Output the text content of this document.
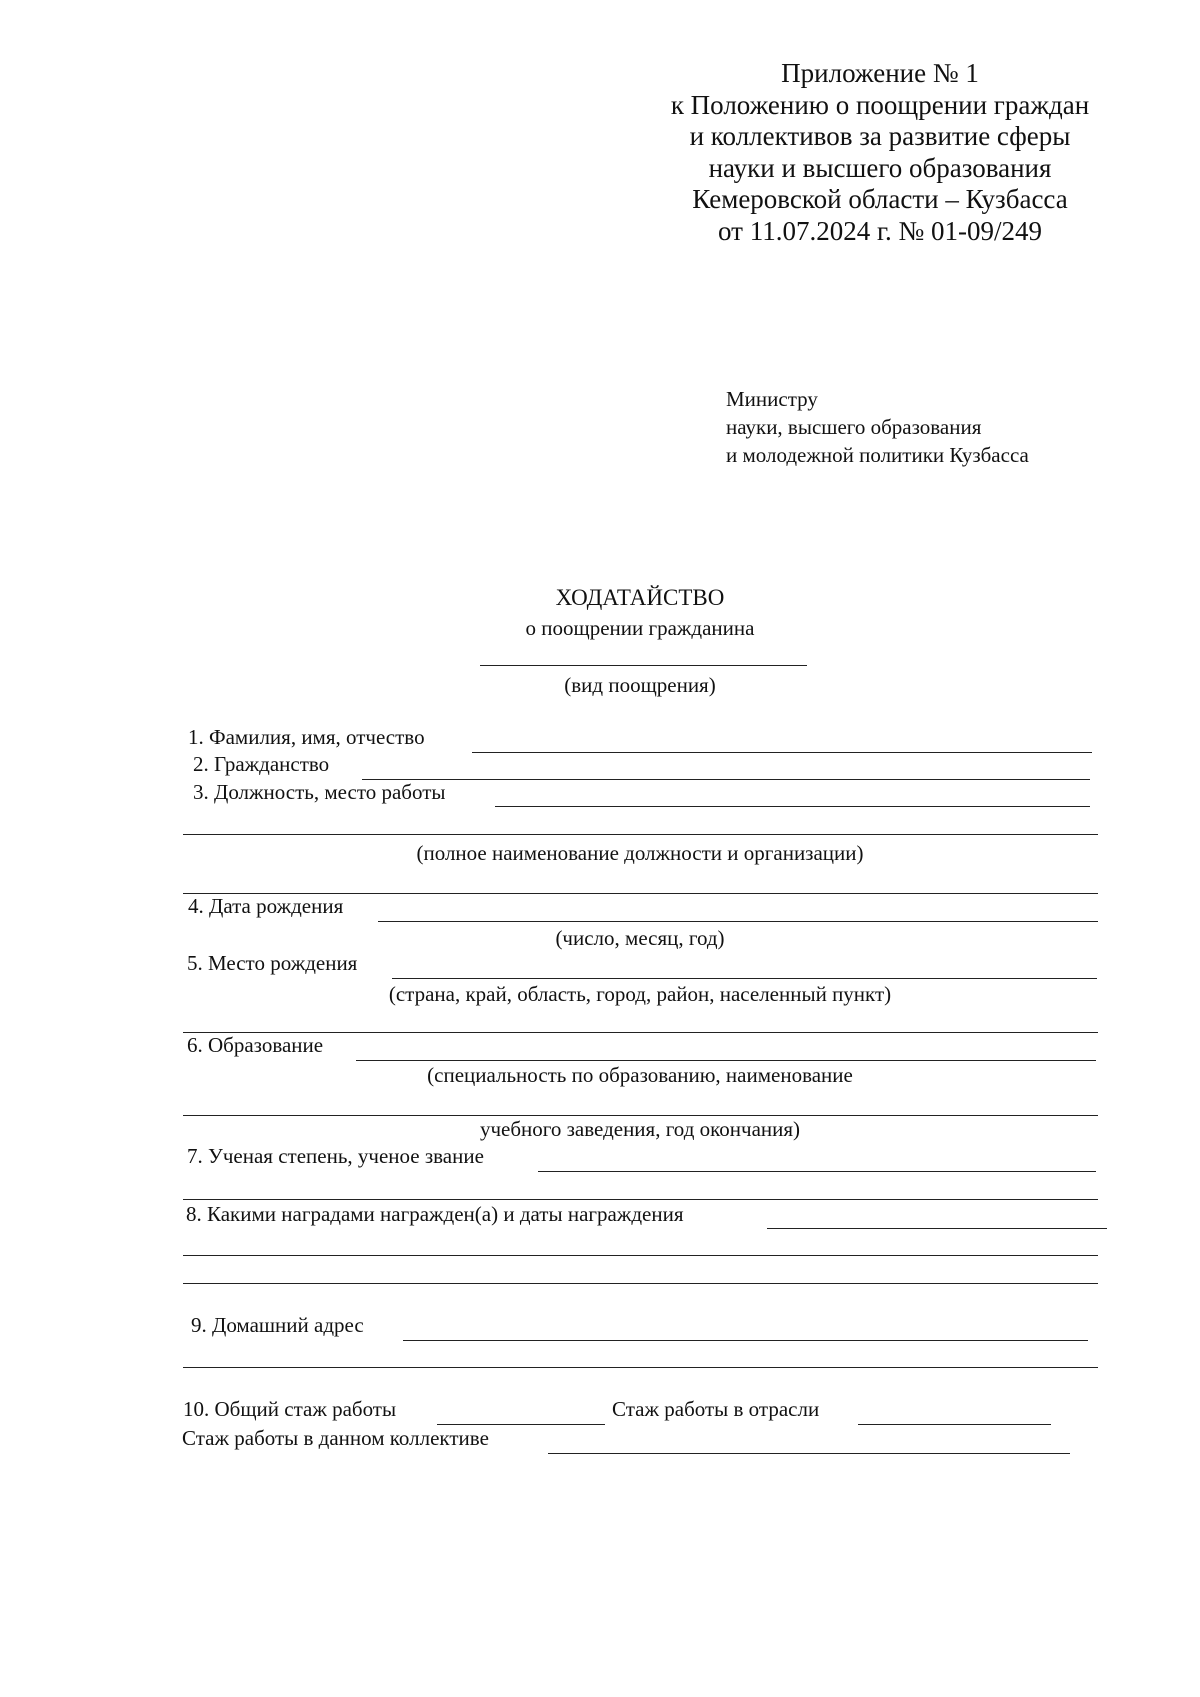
Приложение № 1
к Положению о поощрении граждан
и коллективов за развитие сферы
науки и высшего образования
Кемеровской области – Кузбасса
от 11.07.2024 г. № 01-09/249
Министру
науки, высшего образования
и молодежной политики Кузбасса
ХОДАТАЙСТВО
о поощрении гражданина
(вид поощрения)
1. Фамилия, имя, отчество
2. Гражданство
3. Должность, место работы
(полное наименование должности и организации)
4. Дата рождения
(число, месяц, год)
5. Место рождения
(страна, край, область, город, район, населенный пункт)
6. Образование
(специальность по образованию, наименование
учебного заведения, год окончания)
7. Ученая степень, ученое звание
8. Какими наградами награжден(а) и даты награждения
9. Домашний адрес
10. Общий стаж работы	Стаж работы в отрасли
Стаж работы в данном коллективе
